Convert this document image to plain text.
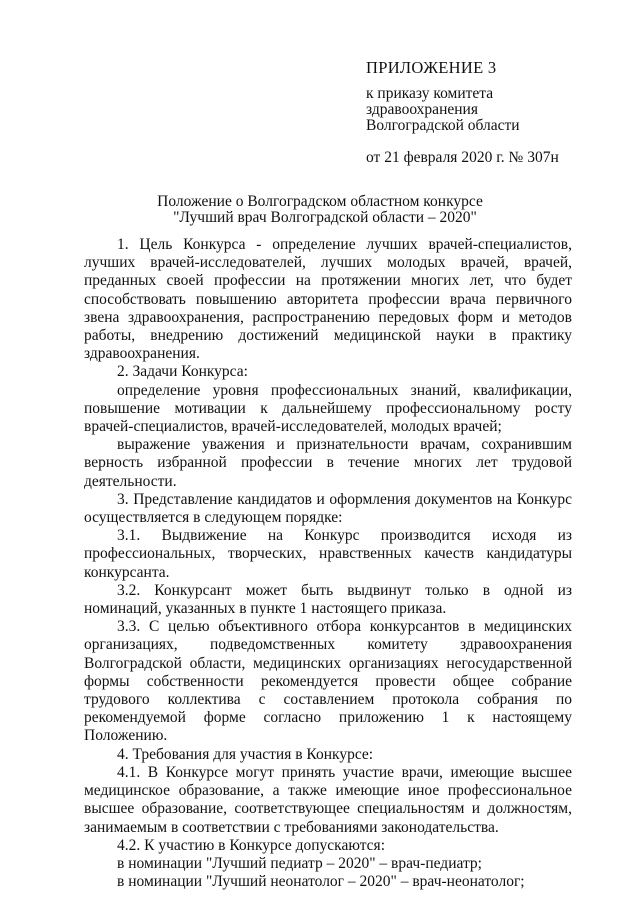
ПРИЛОЖЕНИЕ 3
к приказу комитета
здравоохранения
Волгоградской области
от 21 февраля 2020 г. № 307н
Положение о Волгоградском областном конкурсе
"Лучший врач Волгоградской области – 2020"

1. Цель Конкурса - определение лучших врачей-специалистов, лучших врачей-исследователей, лучших молодых врачей, врачей, преданных своей профессии на протяжении многих лет, что будет способствовать повышению авторитета профессии врача первичного звена здравоохранения, распространению передовых форм и методов работы, внедрению достижений медицинской науки в практику здравоохранения.

2. Задачи Конкурса:

определение уровня профессиональных знаний, квалификации, повышение мотивации к дальнейшему профессиональному росту врачей-специалистов, врачей-исследователей, молодых врачей;

выражение уважения и признательности врачам, сохранившим верность избранной профессии в течение многих лет трудовой деятельности.

3. Представление кандидатов и оформления документов на Конкурс осуществляется в следующем порядке:

3.1. Выдвижение на Конкурс производится исходя из профессиональных, творческих, нравственных качеств кандидатуры конкурсанта.

3.2. Конкурсант может быть выдвинут только в одной из номинаций, указанных в пункте 1 настоящего приказа.

3.3. С целью объективного отбора конкурсантов в медицинских организациях, подведомственных комитету здравоохранения Волгоградской области, медицинских организациях негосударственной формы собственности рекомендуется провести общее собрание трудового коллектива с составлением протокола собрания по рекомендуемой форме согласно приложению 1 к настоящему Положению.

4. Требования для участия в Конкурсе:

4.1. В Конкурсе могут принять участие врачи, имеющие высшее медицинское образование, а также имеющие иное профессиональное высшее образование, соответствующее специальностям и должностям, занимаемым в соответствии с требованиями законодательства.

4.2. К участию в Конкурсе допускаются:

в номинации "Лучший педиатр – 2020" – врач-педиатр;

в номинации "Лучший неонатолог – 2020" – врач-неонатолог;
